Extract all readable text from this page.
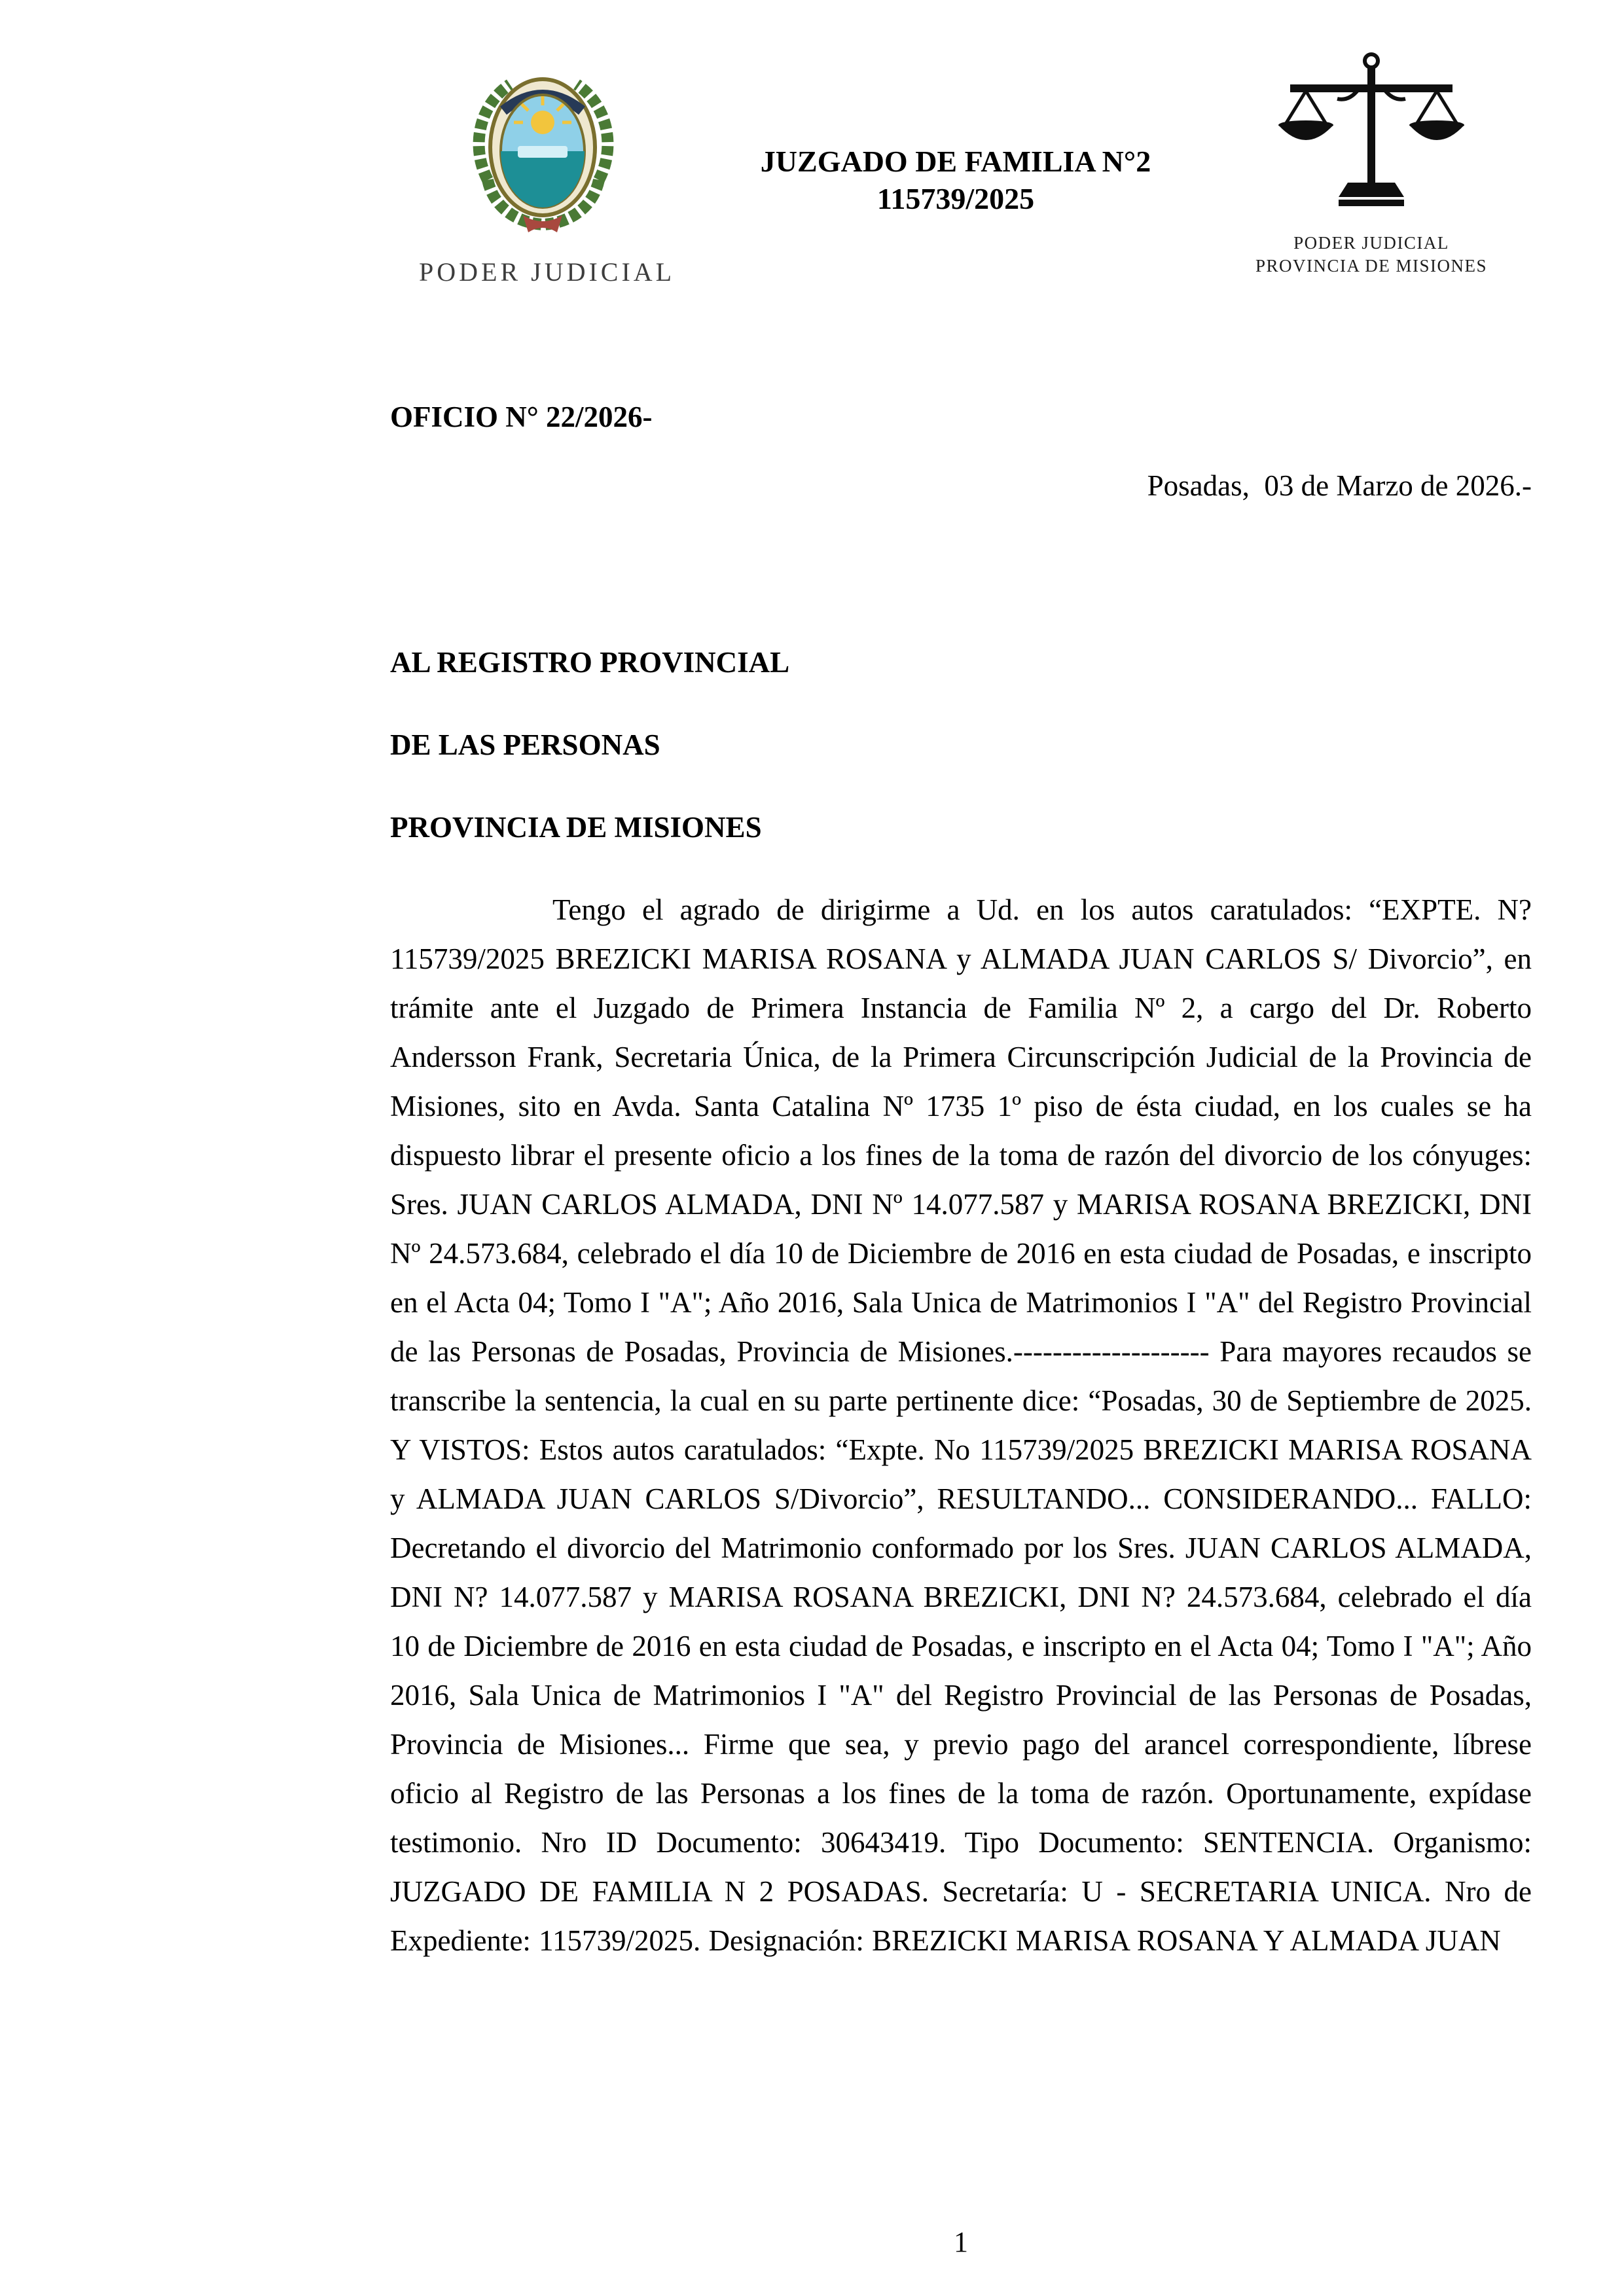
PODER JUDICIAL
JUZGADO DE FAMILIA N°2
115739/2025
PODER JUDICIAL
PROVINCIA DE MISIONES
OFICIO N° 22/2026-
Posadas,  03 de Marzo de 2026.-
AL REGISTRO PROVINCIAL
DE LAS PERSONAS
PROVINCIA DE MISIONES

Tengo el agrado de dirigirme a Ud. en los autos caratulados: “EXPTE. N? 115739/2025 BREZICKI MARISA ROSANA y ALMADA JUAN CARLOS S/ Divorcio”, en trámite ante el Juzgado de Primera Instancia de Familia Nº 2, a cargo del Dr. Roberto Andersson Frank, Secretaria Única, de la Primera Circunscripción Judicial de la Provincia de Misiones, sito en Avda. Santa Catalina Nº 1735 1º piso de ésta ciudad, en los cuales se ha dispuesto librar el presente oficio a los fines de la toma de razón del divorcio de los cónyuges: Sres. JUAN CARLOS ALMADA, DNI Nº 14.077.587 y MARISA ROSANA BREZICKI, DNI Nº 24.573.684, celebrado el día 10 de Diciembre de 2016 en esta ciudad de Posadas, e inscripto en el Acta 04; Tomo I "A"; Año 2016, Sala Unica de Matrimonios I "A" del Registro Provincial de las Personas de Posadas, Provincia de Misiones.-------------------- Para mayores recaudos se transcribe la sentencia, la cual en su parte pertinente dice: “Posadas, 30 de Septiembre de 2025. Y VISTOS: Estos autos caratulados: “Expte. No 115739/2025 BREZICKI MARISA ROSANA y ALMADA JUAN CARLOS S/Divorcio”, RESULTANDO... CONSIDERANDO... FALLO: Decretando el divorcio del Matrimonio conformado por los Sres. JUAN CARLOS ALMADA, DNI N? 14.077.587 y MARISA ROSANA BREZICKI, DNI N? 24.573.684, celebrado el día 10 de Diciembre de 2016 en esta ciudad de Posadas, e inscripto en el Acta 04; Tomo I "A"; Año 2016, Sala Unica de Matrimonios I "A" del Registro Provincial de las Personas de Posadas, Provincia de Misiones... Firme que sea, y previo pago del arancel correspondiente, líbrese oficio al Registro de las Personas a los fines de la toma de razón. Oportunamente, expídase testimonio. Nro ID Documento: 30643419. Tipo Documento: SENTENCIA. Organismo: JUZGADO DE FAMILIA N 2 POSADAS. Secretaría: U - SECRETARIA UNICA. Nro de Expediente: 115739/2025. Designación: BREZICKI MARISA ROSANA Y ALMADA JUAN

1
